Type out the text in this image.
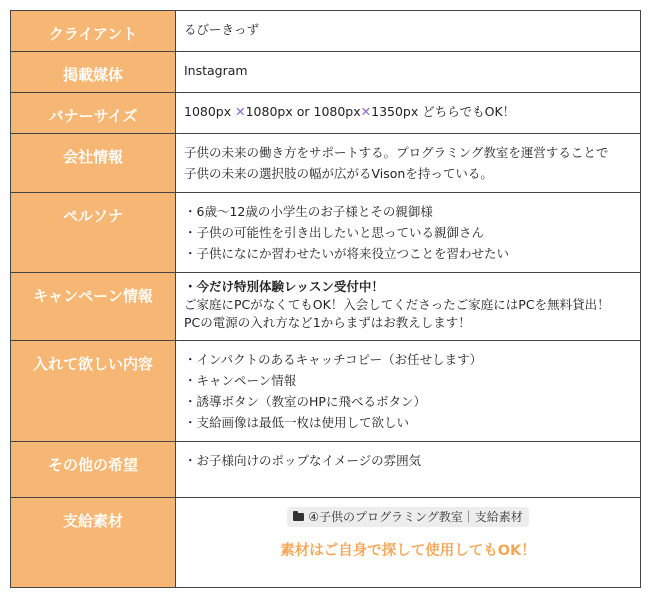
クライアント	るびーきっず
掲載媒体	Instagram
バナーサイズ	1080px ✕1080px or 1080px✕1350px どちらでもOK！
会社情報	子供の未来の働き方をサポートする。プログラミング教室を運営することで
子供の未来の選択肢の幅が広がるVisonを持っている。

ペルソナ	・6歳〜12歳の小学生のお子様とその親御様
・子供の可能性を引き出したいと思っている親御さん
・子供になにか習わせたいが将来役立つことを習わせたい

キャンペーン情報	・今だけ特別体験レッスン受付中！
ご家庭にPCがなくてもOK！入会してくださったご家庭にはPCを無料貸出！
PCの電源の入れ方など1からまずはお教えします！

入れて欲しい内容	・インパクトのあるキャッチコピー（お任せします）
・キャンペーン情報
・誘導ボタン（教室のHPに飛べるボタン）
・支給画像は最低一枚は使用して欲しい

その他の希望	・お子様向けのポップなイメージの雰囲気
支給素材	④子供のプログラミング教室｜支給素材
素材はご自身で探して使用してもOK！
